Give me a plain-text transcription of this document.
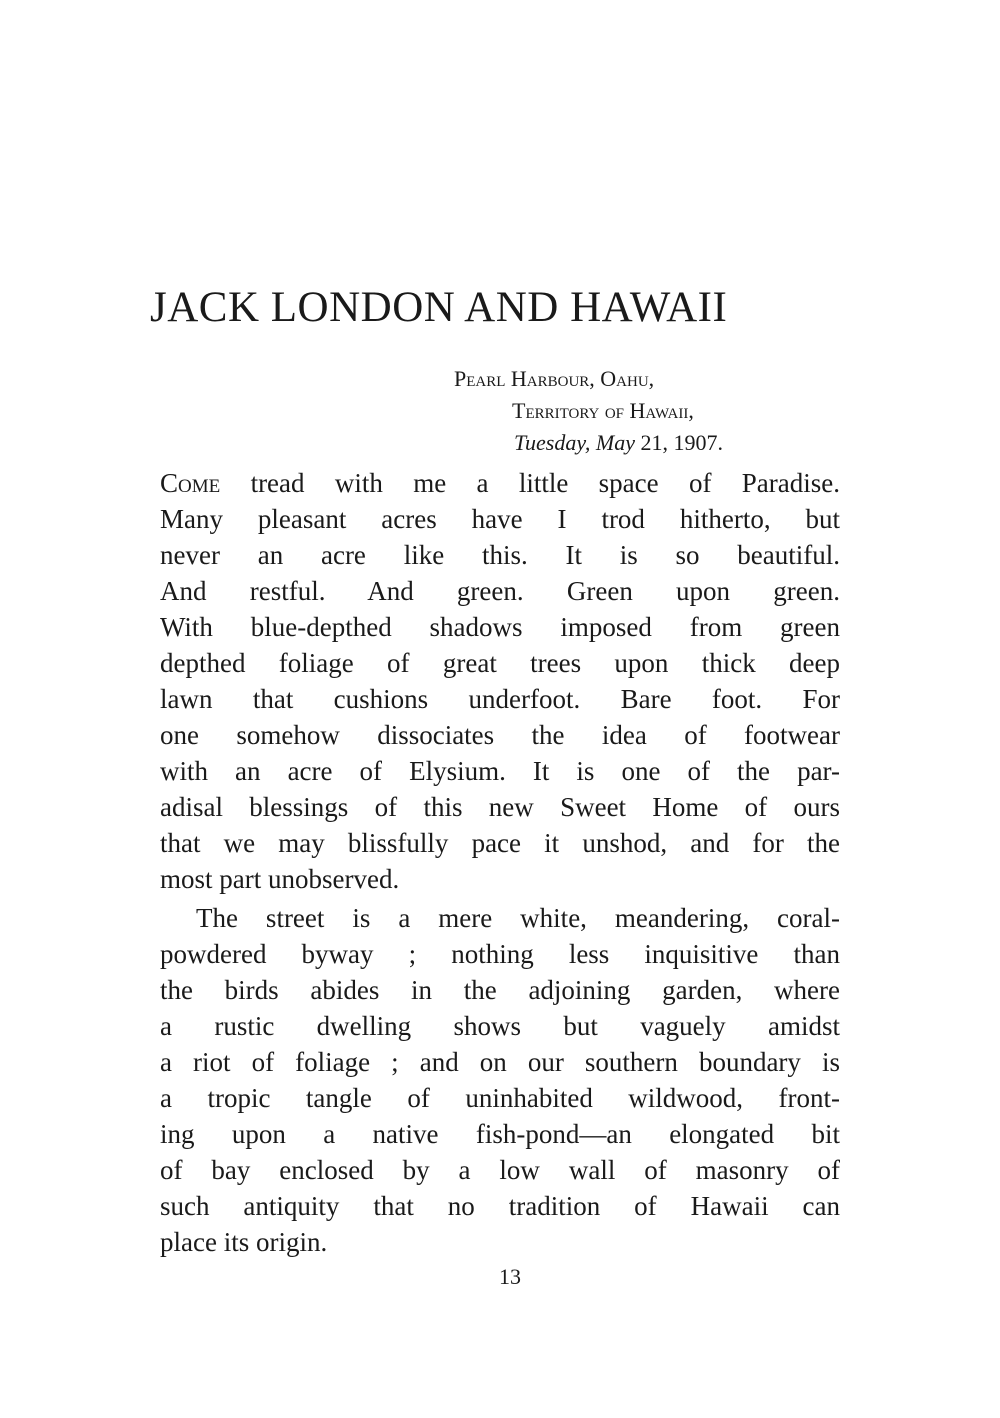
JACK LONDON AND HAWAII
Pearl Harbour, Oahu,
Territory of Hawaii,
Tuesday, May 21, 1907.
Come tread with me a little space of Paradise.
Many pleasant acres have I trod hitherto, but
never an acre like this. It is so beautiful.
And restful. And green. Green upon green.
With blue-depthed shadows imposed from green
depthed foliage of great trees upon thick deep
lawn that cushions underfoot. Bare foot. For
one somehow dissociates the idea of footwear
with an acre of Elysium. It is one of the par-
adisal blessings of this new Sweet Home of ours
that we may blissfully pace it unshod, and for the
most part unobserved.
The street is a mere white, meandering, coral-
powdered byway ; nothing less inquisitive than
the birds abides in the adjoining garden, where
a rustic dwelling shows but vaguely amidst
a riot of foliage ; and on our southern boundary is
a tropic tangle of uninhabited wildwood, front-
ing upon a native fish-pond—an elongated bit
of bay enclosed by a low wall of masonry of
such antiquity that no tradition of Hawaii can
place its origin.
13
